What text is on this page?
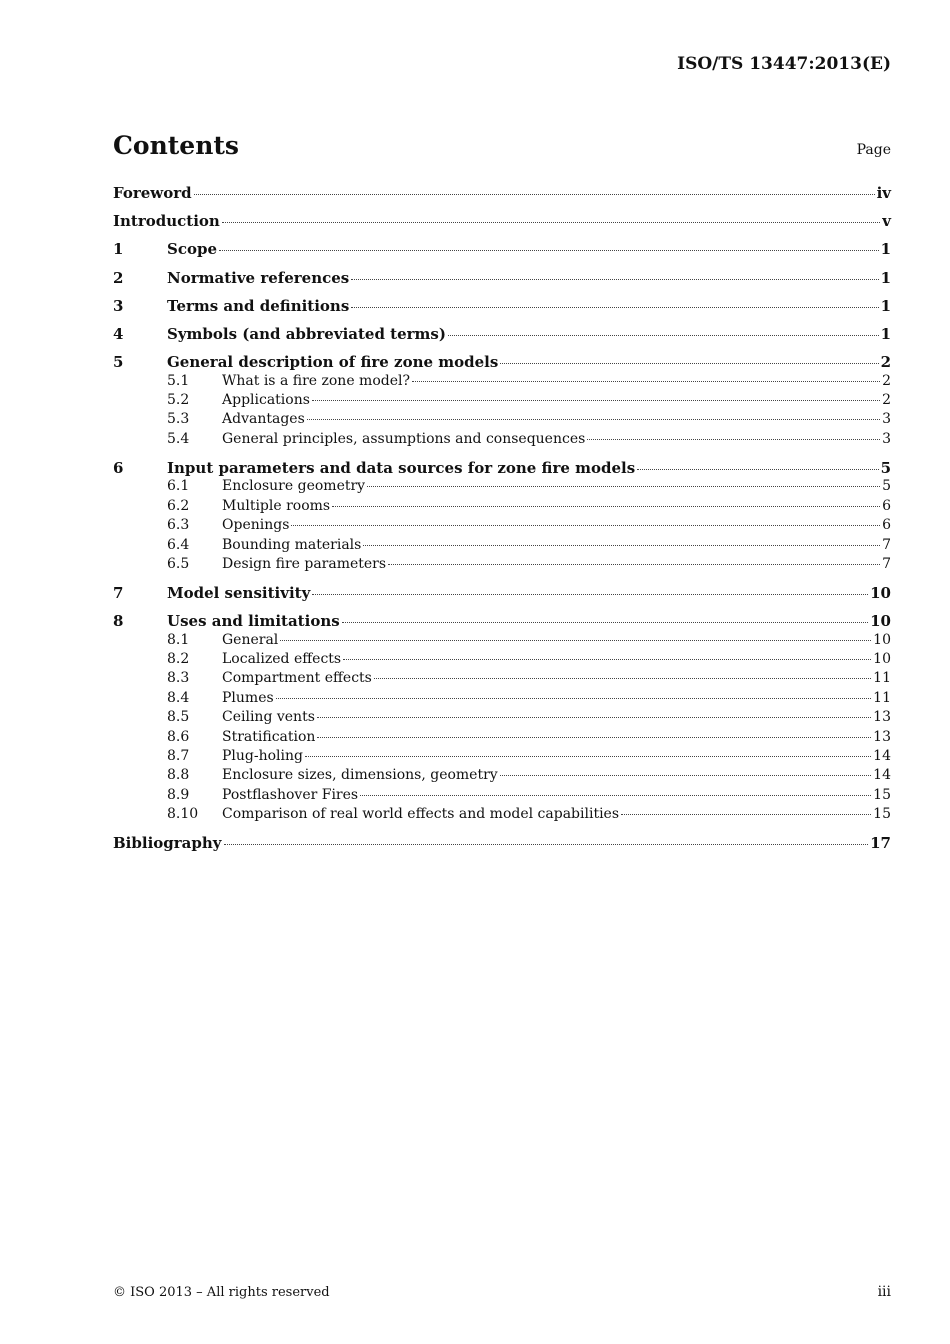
ISO/TS 13447:2013(E)
Contents	Page
Foreword	iv
Introduction	v
1	Scope	1
2	Normative references	1
3	Terms and definitions	1
4	Symbols (and abbreviated terms)	1
5	General description of fire zone models	2
5.1	What is a fire zone model?	2
5.2	Applications	2
5.3	Advantages	3
5.4	General principles, assumptions and consequences	3
6	Input parameters and data sources for zone fire models	5
6.1	Enclosure geometry	5
6.2	Multiple rooms	6
6.3	Openings	6
6.4	Bounding materials	7
6.5	Design fire parameters	7
7	Model sensitivity	10
8	Uses and limitations	10
8.1	General	10
8.2	Localized effects	10
8.3	Compartment effects	11
8.4	Plumes	11
8.5	Ceiling vents	13
8.6	Stratification	13
8.7	Plug-holing	14
8.8	Enclosure sizes, dimensions, geometry	14
8.9	Postflashover Fires	15
8.10	Comparison of real world effects and model capabilities	15
Bibliography	17
© ISO 2013 – All rights reserved	iii
